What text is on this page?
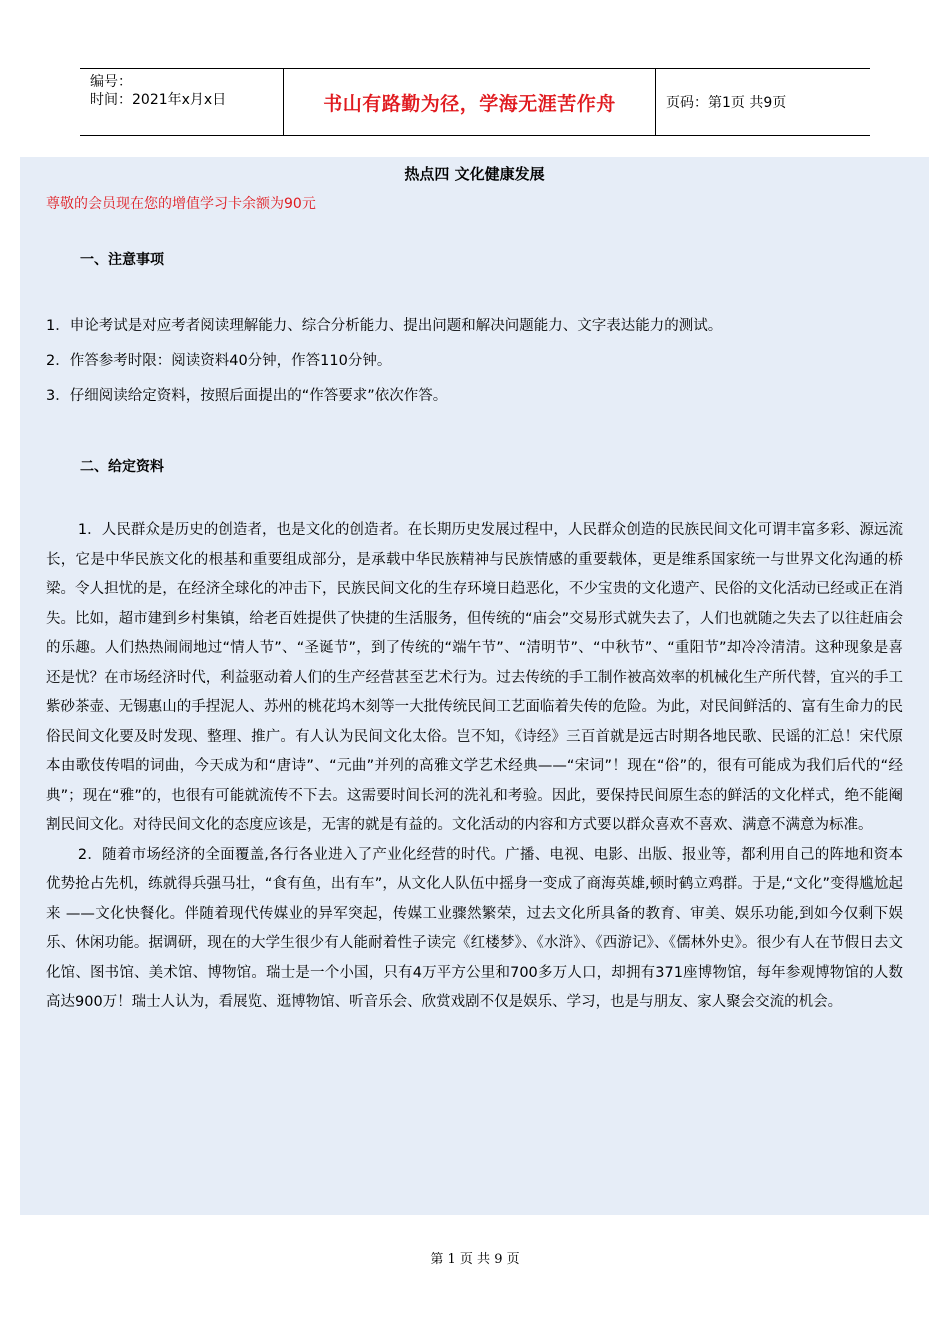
编号：
时间：2021年x月x日	书山有路勤为径，学海无涯苦作舟	页码：第1页 共9页
热点四 文化健康发展
尊敬的会员现在您的增值学习卡余额为90元
一、注意事项
1．申论考试是对应考者阅读理解能力、综合分析能力、提出问题和解决问题能力、文字表达能力的测试。
2．作答参考时限：阅读资料40分钟，作答110分钟。
3．仔细阅读给定资料，按照后面提出的“作答要求”依次作答。
二、给定资料

1．人民群众是历史的创造者，也是文化的创造者。在长期历史发展过程中，人民群众创造的民族民间文化可谓丰富多彩、源远流长，它是中华民族文化的根基和重要组成部分，是承载中华民族精神与民族情感的重要载体，更是维系国家统一与世界文化沟通的桥梁。令人担忧的是，在经济全球化的冲击下，民族民间文化的生存环境日趋恶化，不少宝贵的文化遗产、民俗的文化活动已经或正在消失。比如，超市建到乡村集镇，给老百姓提供了快捷的生活服务，但传统的“庙会”交易形式就失去了，人们也就随之失去了以往赶庙会的乐趣。人们热热闹闹地过“情人节”、“圣诞节”，到了传统的“端午节”、“清明节”、“中秋节”、“重阳节”却冷冷清清。这种现象是喜还是忧？在市场经济时代，利益驱动着人们的生产经营甚至艺术行为。过去传统的手工制作被高效率的机械化生产所代替，宜兴的手工紫砂茶壶、无锡惠山的手捏泥人、苏州的桃花坞木刻等一大批传统民间工艺面临着失传的危险。为此，对民间鲜活的、富有生命力的民俗民间文化要及时发现、整理、推广。有人认为民间文化太俗。岂不知，《诗经》三百首就是远古时期各地民歌、民谣的汇总！宋代原本由歌伎传唱的词曲，今天成为和“唐诗”、“元曲”并列的高雅文学艺术经典——“宋词”！现在“俗”的，很有可能成为我们后代的“经典”；现在“雅”的，也很有可能就流传不下去。这需要时间长河的洗礼和考验。因此，要保持民间原生态的鲜活的文化样式，绝不能阉割民间文化。对待民间文化的态度应该是，无害的就是有益的。文化活动的内容和方式要以群众喜欢不喜欢、满意不满意为标准。

2．随着市场经济的全面覆盖,各行各业进入了产业化经营的时代。广播、电视、电影、出版、报业等，都利用自己的阵地和资本优势抢占先机，练就得兵强马壮，“食有鱼，出有车”，从文化人队伍中摇身一变成了商海英雄,顿时鹤立鸡群。于是,“文化”变得尴尬起来 ——文化快餐化。伴随着现代传媒业的异军突起，传媒工业骤然繁荣，过去文化所具备的教育、审美、娱乐功能,到如今仅剩下娱乐、休闲功能。据调研，现在的大学生很少有人能耐着性子读完《红楼梦》、《水浒》、《西游记》、《儒林外史》。很少有人在节假日去文化馆、图书馆、美术馆、博物馆。瑞士是一个小国，只有4万平方公里和700多万人口，却拥有371座博物馆，每年参观博物馆的人数高达900万！瑞士人认为，看展览、逛博物馆、听音乐会、欣赏戏剧不仅是娱乐、学习，也是与朋友、家人聚会交流的机会。

第 1 页 共 9 页
